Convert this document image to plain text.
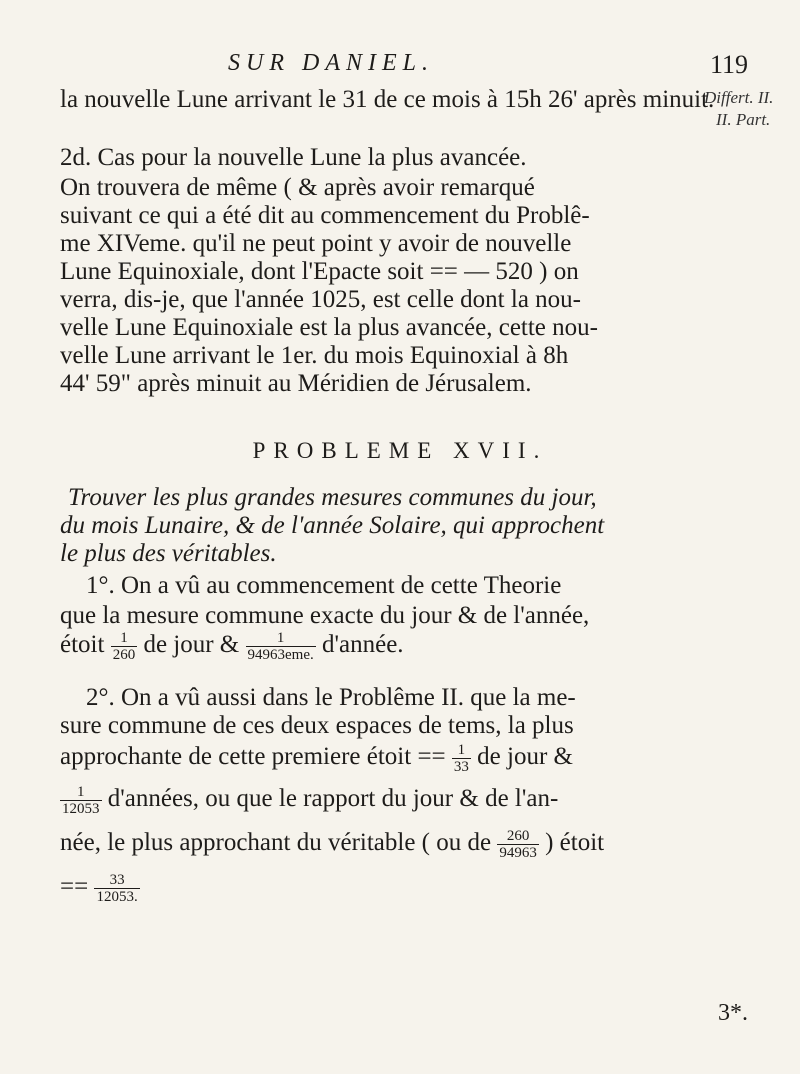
SUR DANIEL.	119
Differt. II.
II. Part.
la nouvelle Lune arrivant le 31 de ce mois à 15h 26' après minuit.
2d. Cas pour la nouvelle Lune la plus avancée.
On trouvera de même ( & après avoir remarqué
suivant ce qui a été dit au commencement du Problê-
me XIVeme. qu'il ne peut point y avoir de nouvelle
Lune Equinoxiale, dont l'Epacte soit == — 520 ) on
verra, dis-je, que l'année 1025, est celle dont la nou-
velle Lune Equinoxiale est la plus avancée, cette nou-
velle Lune arrivant le 1er. du mois Equinoxial à 8h
44' 59" après minuit au Méridien de Jérusalem.
PROBLEME XVII.
Trouver les plus grandes mesures communes du jour,
du mois Lunaire, & de l'année Solaire, qui approchent
le plus des véritables.
1°. On a vû au commencement de cette Theorie
que la mesure commune exacte du jour & de l'année,
étoit $\frac{1}{260}$ de jour & $\frac{1}{\text{94963eme.}}$ d'année.
2°. On a vû aussi dans le Problême II. que la me-
sure commune de ces deux espaces de tems, la plus
approchante de cette premiere étoit == $\frac{1}{33}$ de jour &
$\frac{1}{12053}$ d'années, ou que le rapport du jour & de l'an-
née, le plus approchant du véritable ( ou de $\frac{260}{94963}$ ) étoit
== $\frac{33}{12053.}$
3*.
